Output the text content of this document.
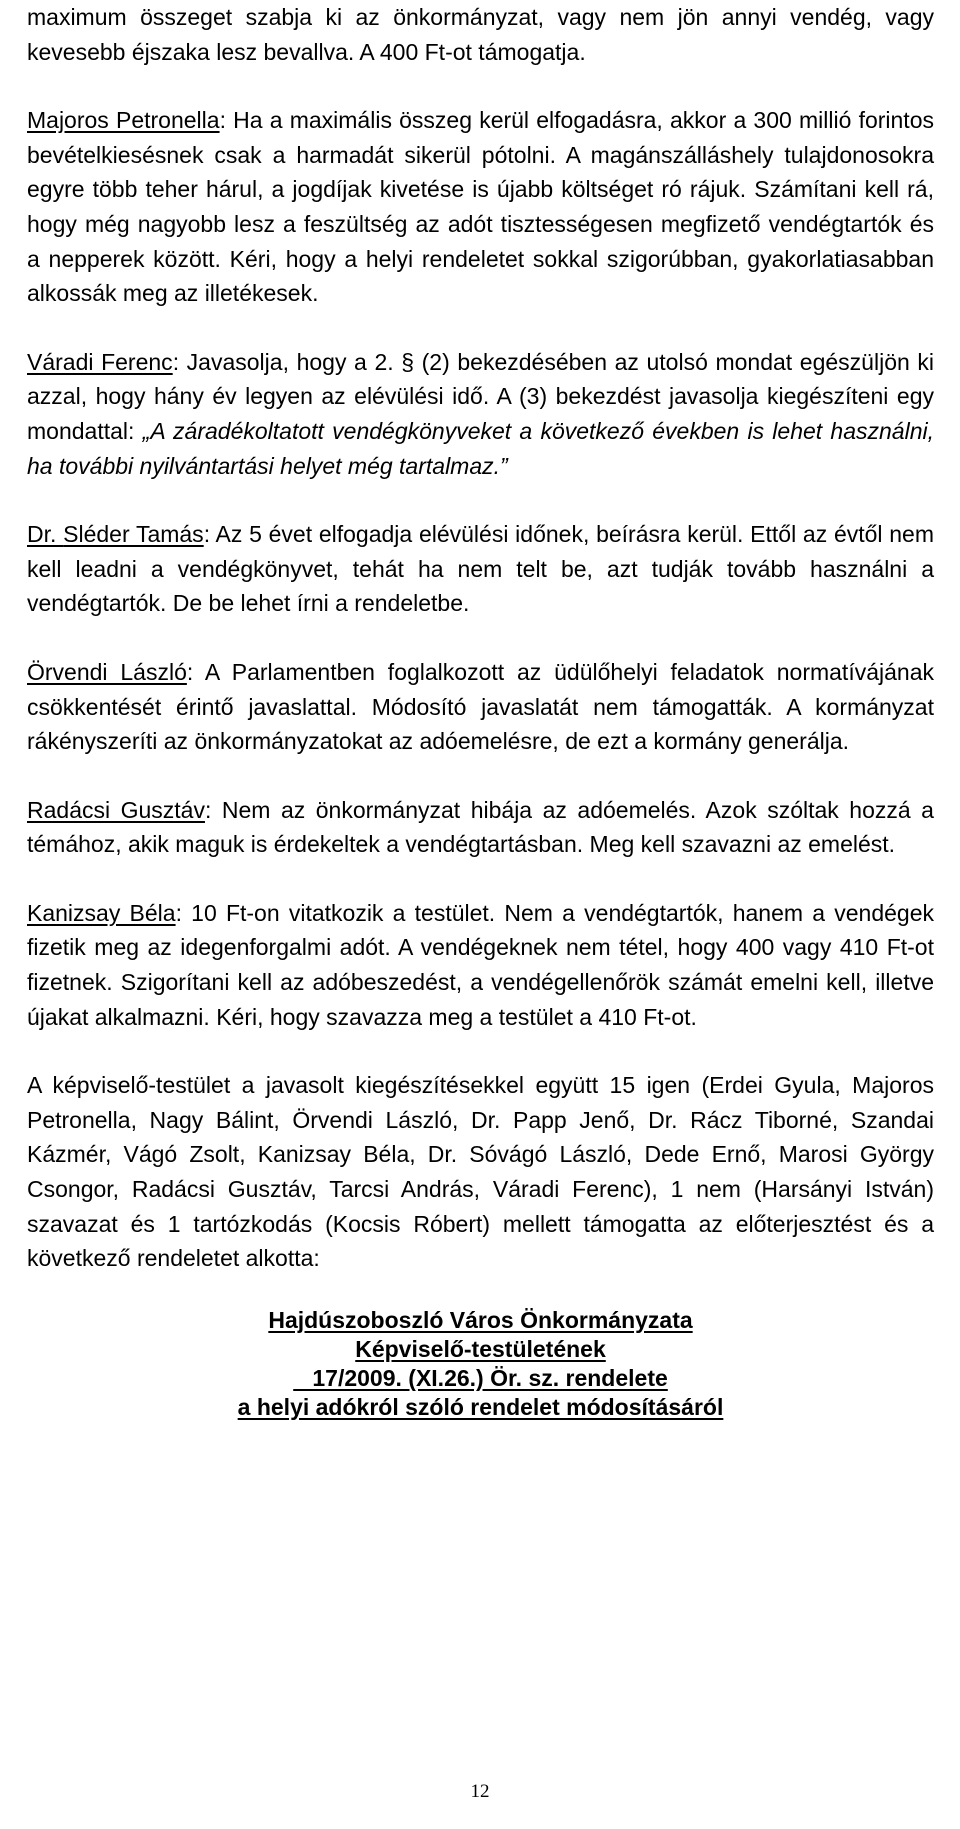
maximum összeget szabja ki az önkormányzat, vagy nem jön annyi vendég, vagy kevesebb éjszaka lesz bevallva. A 400 Ft-ot támogatja.

Majoros Petronella: Ha a maximális összeg kerül elfogadásra, akkor a 300 millió forintos bevételkiesésnek csak a harmadát sikerül pótolni. A magánszálláshely tulajdonosokra egyre több teher hárul, a jogdíjak kivetése is újabb költséget ró rájuk. Számítani kell rá, hogy még nagyobb lesz a feszültség az adót tisztességesen megfizető vendégtartók és a nepperek között. Kéri, hogy a helyi rendeletet sokkal szigorúbban, gyakorlatiasabban alkossák meg az illetékesek.

Váradi Ferenc: Javasolja, hogy a 2. § (2) bekezdésében az utolsó mondat egészüljön ki azzal, hogy hány év legyen az elévülési idő. A (3) bekezdést javasolja kiegészíteni egy mondattal: „A záradékoltatott vendégkönyveket a következő években is lehet használni, ha további nyilvántartási helyet még tartalmaz.”

Dr. Sléder Tamás: Az 5 évet elfogadja elévülési időnek, beírásra kerül. Ettől az évtől nem kell leadni a vendégkönyvet, tehát ha nem telt be, azt tudják tovább használni a vendégtartók. De be lehet írni a rendeletbe.

Örvendi László: A Parlamentben foglalkozott az üdülőhelyi feladatok normatívájának csökkentését érintő javaslattal. Módosító javaslatát nem támogatták. A kormányzat rákényszeríti az önkormányzatokat az adóemelésre, de ezt a kormány generálja.

Radácsi Gusztáv: Nem az önkormányzat hibája az adóemelés. Azok szóltak hozzá a témához, akik maguk is érdekeltek a vendégtartásban. Meg kell szavazni az emelést.

Kanizsay Béla: 10 Ft-on vitatkozik a testület. Nem a vendégtartók, hanem a vendégek fizetik meg az idegenforgalmi adót. A vendégeknek nem tétel, hogy 400 vagy 410 Ft-ot fizetnek. Szigorítani kell az adóbeszedést, a vendégellenőrök számát emelni kell, illetve újakat alkalmazni. Kéri, hogy szavazza meg a testület a 410 Ft-ot.

A képviselő-testület a javasolt kiegészítésekkel együtt 15 igen (Erdei Gyula, Majoros Petronella, Nagy Bálint, Örvendi László, Dr. Papp Jenő, Dr. Rácz Tiborné, Szandai Kázmér, Vágó Zsolt, Kanizsay Béla, Dr. Sóvágó László, Dede Ernő, Marosi György Csongor, Radácsi Gusztáv, Tarcsi András, Váradi Ferenc), 1 nem (Harsányi István) szavazat és 1 tartózkodás (Kocsis Róbert) mellett támogatta az előterjesztést és a következő rendeletet alkotta:

Hajdúszoboszló Város Önkormányzata
Képviselő-testületének
17/2009. (XI.26.) Ör. sz. rendelete
a helyi adókról szóló rendelet módosításáról
12
